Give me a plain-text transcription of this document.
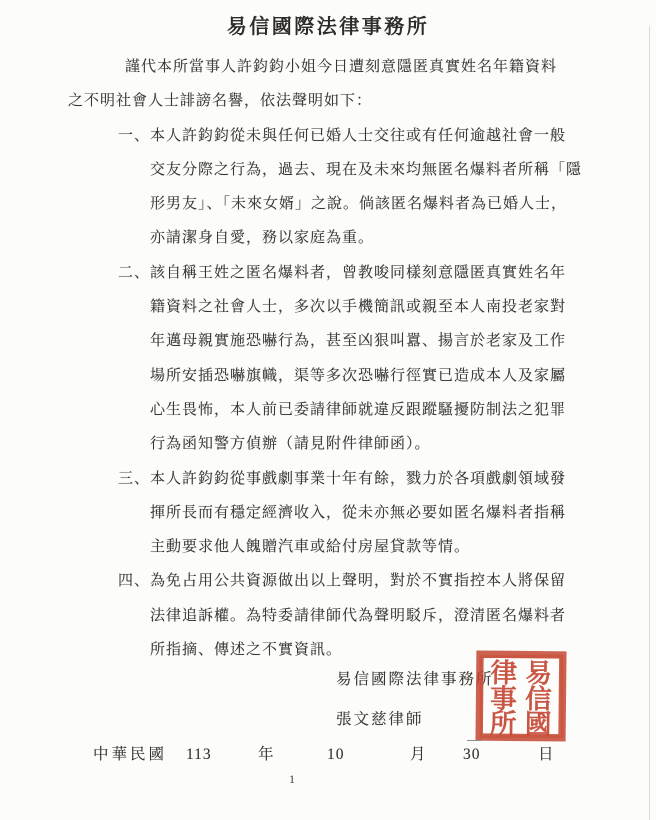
易信國際法律事務所
謹代本所當事人許鈞鈞小姐今日遭刻意隱匿真實姓名年籍資料
之不明社會人士誹謗名譽，依法聲明如下：
一、 本人許鈞鈞從未與任何已婚人士交往或有任何逾越社會一般
交友分際之行為，過去、現在及未來均無匿名爆料者所稱「隱
形男友」、「未來女婿」之說。倘該匿名爆料者為已婚人士，
亦請潔身自愛，務以家庭為重。
二、 該自稱王姓之匿名爆料者，曾教唆同樣刻意隱匿真實姓名年
籍資料之社會人士，多次以手機簡訊或親至本人南投老家對
年邁母親實施恐嚇行為，甚至凶狠叫囂、揚言於老家及工作
場所安插恐嚇旗幟，渠等多次恐嚇行徑實已造成本人及家屬
心生畏怖，本人前已委請律師就違反跟蹤騷擾防制法之犯罪
行為函知警方偵辦（請見附件律師函）。
三、 本人許鈞鈞從事戲劇事業十年有餘，戮力於各項戲劇領域發
揮所長而有穩定經濟收入，從未亦無必要如匿名爆料者指稱
主動要求他人餽贈汽車或給付房屋貸款等情。
四、 為免占用公共資源做出以上聲明，對於不實指控本人將保留
法律追訴權。為特委請律師代為聲明駁斥，澄清匿名爆料者
所指摘、傳述之不實資訊。
易信國際法律事務所
張文慈律師
易
信
國
律
事
所
中華民國 113	年	10	月 30	日
1
